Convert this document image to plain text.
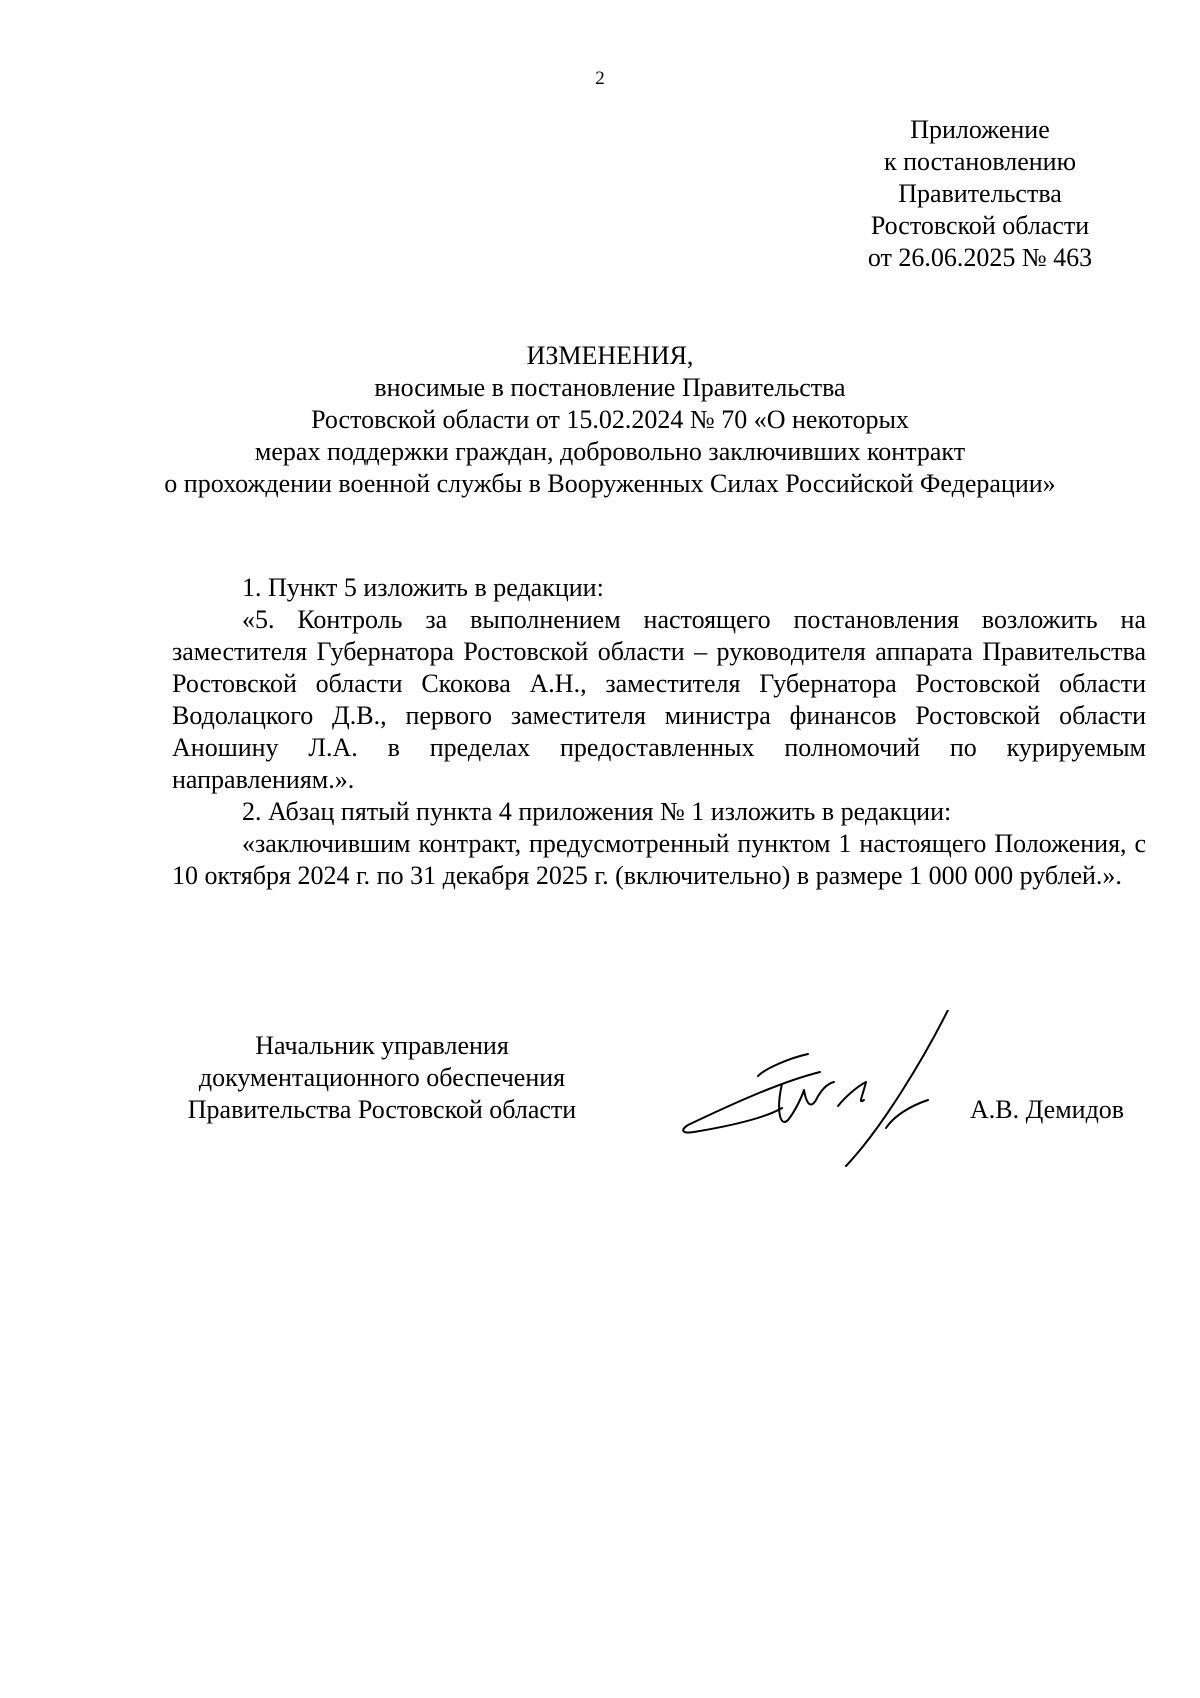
2
Приложение
к постановлению
Правительства
Ростовской области
от 26.06.2025 № 463
ИЗМЕНЕНИЯ,
вносимые в постановление Правительства
Ростовской области от 15.02.2024 № 70 «О некоторых
мерах поддержки граждан, добровольно заключивших контракт
о прохождении военной службы в Вооруженных Силах Российской Федерации»

1. Пункт 5 изложить в редакции:

«5. Контроль за выполнением настоящего постановления возложить на заместителя Губернатора Ростовской области – руководителя аппарата Правительства Ростовской области Скокова А.Н., заместителя Губернатора Ростовской области Водолацкого Д.В., первого заместителя министра финансов Ростовской области Аношину Л.А. в пределах предоставленных полномочий по курируемым направлениям.».

2. Абзац пятый пункта 4 приложения № 1 изложить в редакции:

«заключившим контракт, предусмотренный пунктом 1 настоящего Положения, с 10 октября 2024 г. по 31 декабря 2025 г. (включительно) в размере 1 000 000 рублей.».

Начальник управления
документационного обеспечения
Правительства Ростовской области	А.В. Демидов
